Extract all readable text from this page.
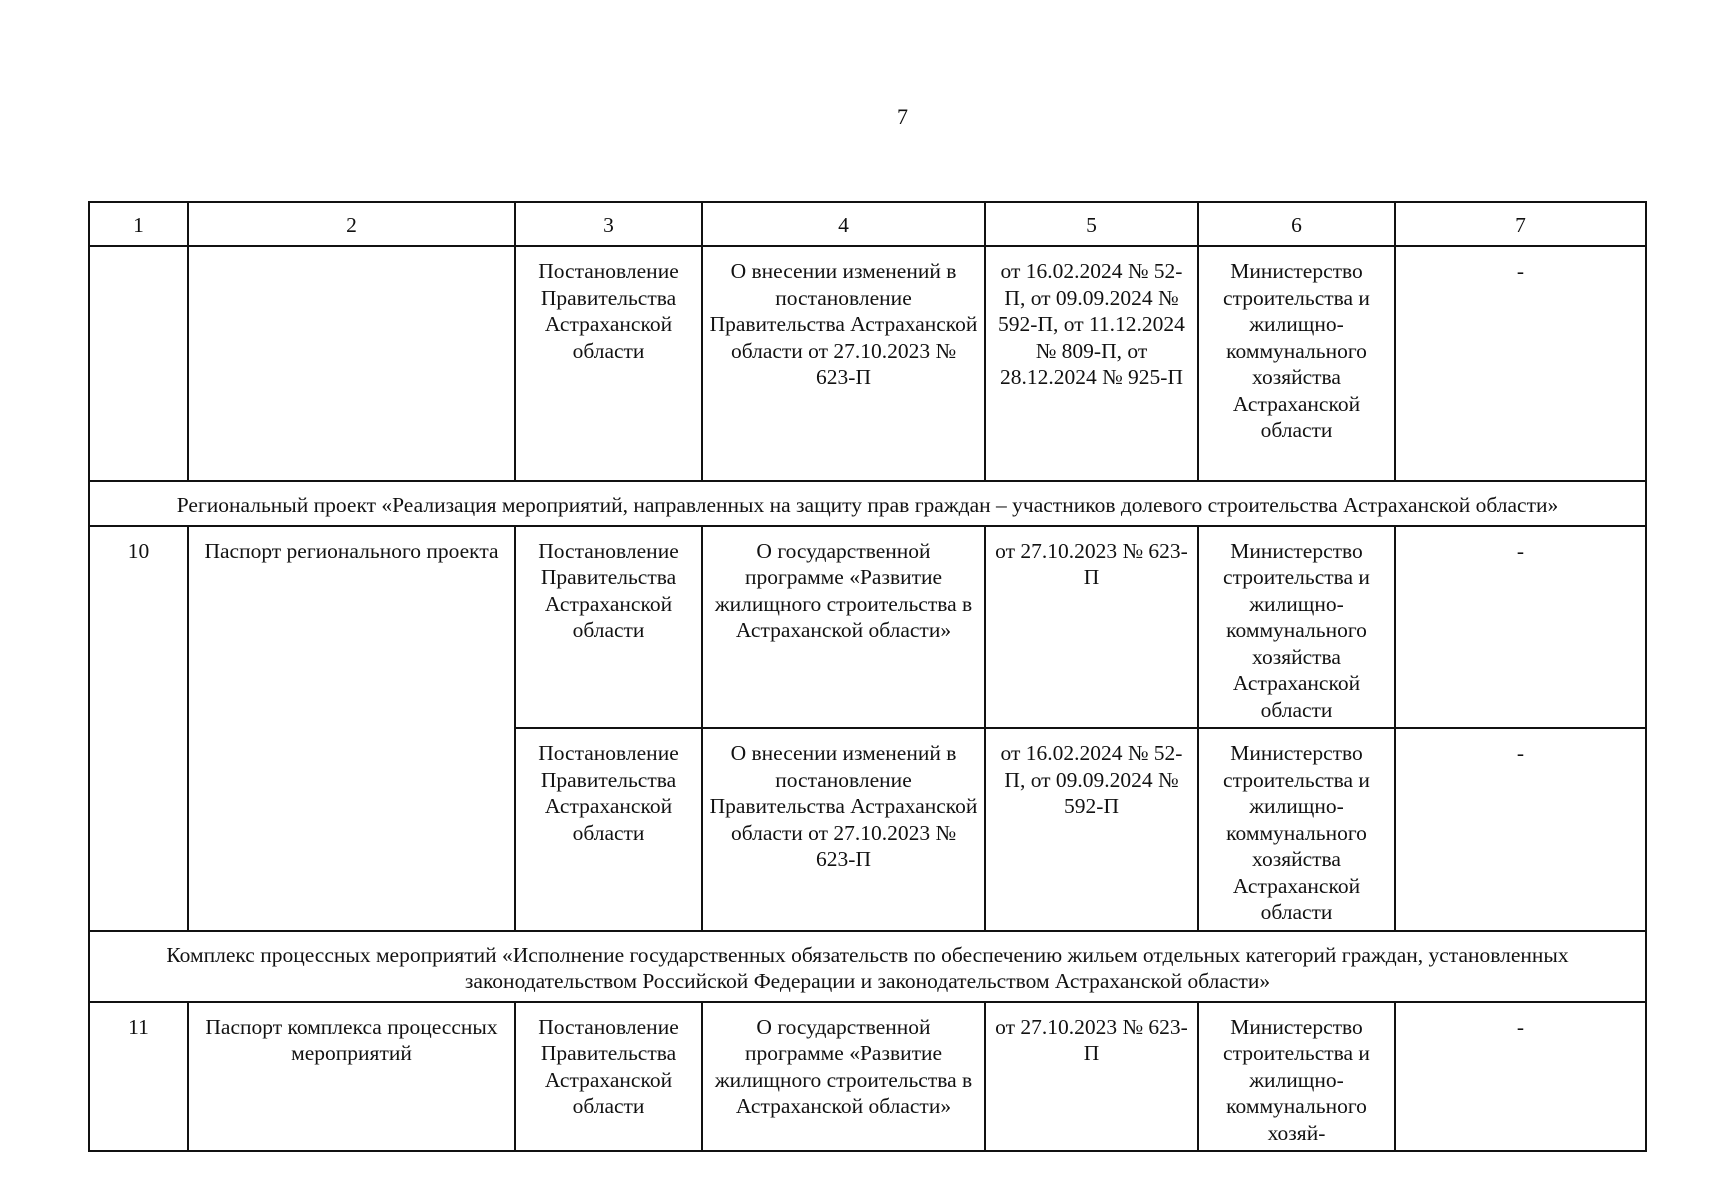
7
1	2	3	4	5	6	7
		Постановление Правительства Астраханской области	О внесении изменений в постановление Правительства Астраханской области от 27.10.2023 № 623-П	от 16.02.2024 № 52-П, от 09.09.2024 № 592-П, от 11.12.2024 № 809-П, от 28.12.2024 № 925-П	Министерство строительства и жилищно-коммунального хозяйства Астраханской области	-
Региональный проект «Реализация мероприятий, направленных на защиту прав граждан – участников долевого строительства Астраханской области»						
10	Паспорт регионального проекта	Постановление Правительства Астраханской области	О государственной программе «Развитие жилищного строительства в Астраханской области»	от 27.10.2023 № 623-П	Министерство строительства и жилищно-коммунального хозяйства Астраханской области	-
		Постановление Правительства Астраханской области	О внесении изменений в постановление Правительства Астраханской области от 27.10.2023 № 623-П	от 16.02.2024 № 52-П, от 09.09.2024 № 592-П	Министерство строительства и жилищно-коммунального хозяйства Астраханской области	-
Комплекс процессных мероприятий «Исполнение государственных обязательств по обеспечению жильем отдельных категорий граждан, установленных законодательством Российской Федерации и законодательством Астраханской области»						
11	Паспорт комплекса процессных мероприятий	Постановление Правительства Астраханской области	О государственной программе «Развитие жилищного строительства в Астраханской области»	от 27.10.2023 № 623-П	Министерство строительства и жилищно-коммунального хозяй-	-
